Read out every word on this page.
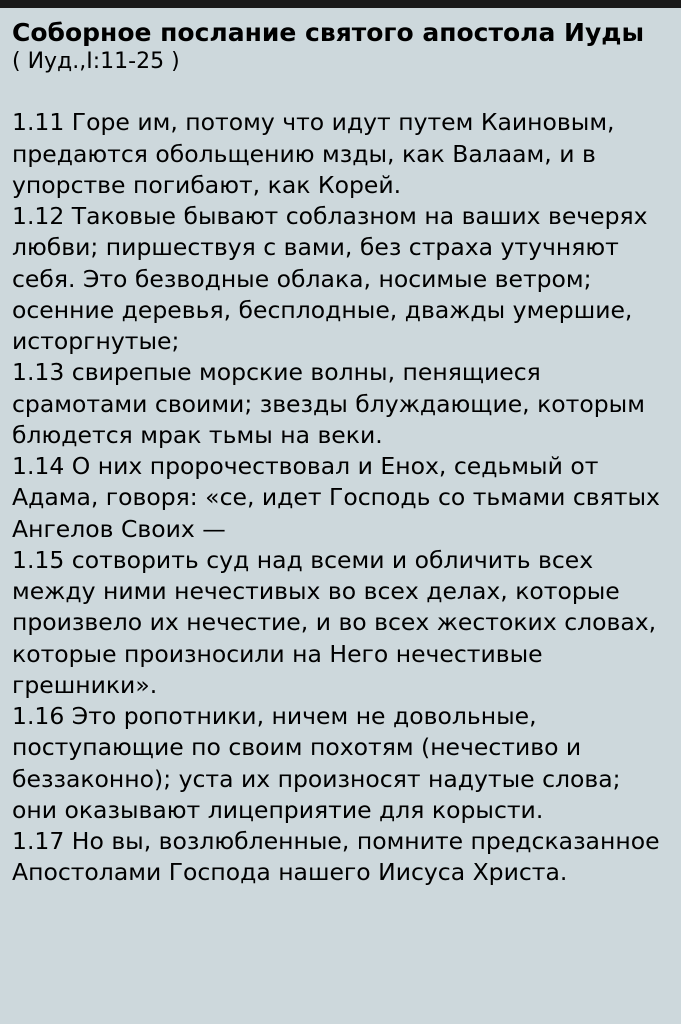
Соборное послание святого апостола Иуды
( Иуд.,I:11-25 )

1.11 Горе им, потому что идут путем Каиновым, предаются обольщению мзды, как Валаам, и в упорстве погибают, как Корей.

1.12 Таковые бывают соблазном на ваших вечерях любви; пиршествуя с вами, без страха утучняют себя. Это безводные облака, носимые ветром; осенние деревья, бесплодные, дважды умершие, исторгнутые;

1.13 свирепые морские волны, пенящиеся срамотами своими; звезды блуждающие, которым блюдется мрак тьмы на веки.

1.14 О них пророчествовал и Енох, седьмый от Адама, говоря: «се, идет Господь со тьмами святых Ангелов Своих —

1.15 сотворить суд над всеми и обличить всех между ними нечестивых во всех делах, которые произвело их нечестие, и во всех жестоких словах, которые произносили на Него нечестивые грешники».

1.16 Это ропотники, ничем не довольные, поступающие по своим похотям (нечестиво и беззаконно); уста их произносят надутые слова; они оказывают лицеприятие для корысти.

1.17 Но вы, возлюбленные, помните предсказанное Апостолами Господа нашего Иисуса Христа.
